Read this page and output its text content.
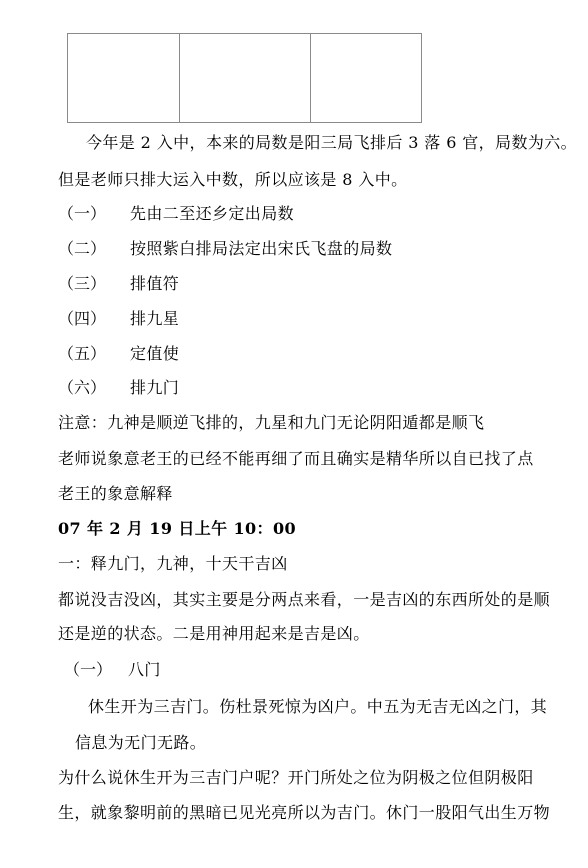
今年是 2 入中，本来的局数是阳三局飞排后 3 落 6 官，局数为六。
但是老师只排大运入中数，所以应该是 8 入中。
（一） 先由二至还乡定出局数
（二） 按照紫白排局法定出宋氏飞盘的局数
（三） 排值符
（四） 排九星
（五） 定值使
（六） 排九门
注意：九神是顺逆飞排的，九星和九门无论阴阳遁都是顺飞
老师说象意老王的已经不能再细了而且确实是精华所以自已找了点
老王的象意解释
07 年 2 月 19 日上午 10：00
一：释九门，九神，十天干吉凶
都说没吉没凶，其实主要是分两点来看，一是吉凶的东西所处的是顺
还是逆的状态。二是用神用起来是吉是凶。
（一） 八门
休生开为三吉门。伤杜景死惊为凶户。中五为无吉无凶之门，其
信息为无门无路。
为什么说休生开为三吉门户呢？开门所处之位为阴极之位但阴极阳
生，就象黎明前的黑暗已见光亮所以为吉门。休门一股阳气出生万物
